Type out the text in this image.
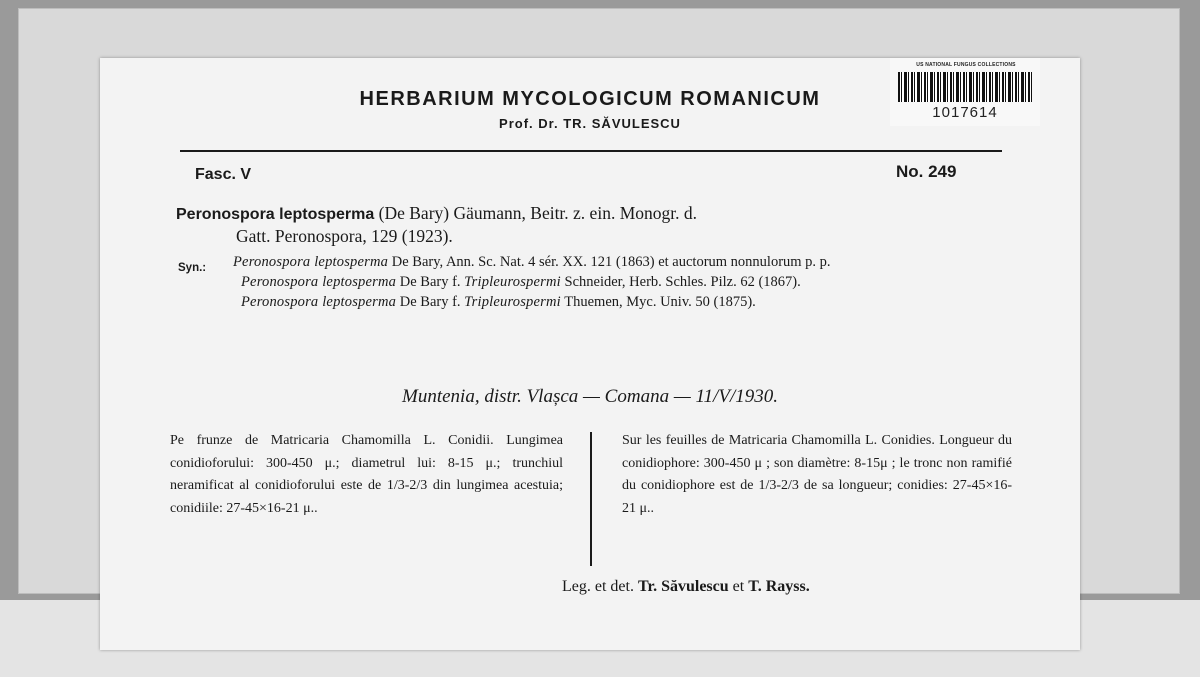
HERBARIUM MYCOLOGICUM ROMANICUM
Prof. Dr. TR. SĂVULESCU
US NATIONAL FUNGUS COLLECTIONS
1017614
Fasc. V	No. 249
Peronospora leptosperma (De Bary) Gäumann, Beitr. z. ein. Monogr. d.
Gatt. Peronospora, 129 (1923).
Syn.: Peronospora leptosperma De Bary, Ann. Sc. Nat. 4 sér. XX. 121 (1863) et auctorum nonnulorum p. p.

Peronospora leptosperma De Bary f. Tripleurospermi Schneider, Herb. Schles. Pilz. 62 (1867).

Peronospora leptosperma De Bary f. Tripleurospermi Thuemen, Myc. Univ. 50 (1875).

Muntenia, distr. Vlașca — Comana — 11/V/1930.
Pe frunze de Matricaria Chamomilla L. Conidii. Lungimea conidioforului: 300-450 μ.; diametrul lui: 8-15 μ.; trunchiul neramificat al conidioforului este de 1/3-2/3 din lungimea acestuia; conidiile: 27-45×16-21 μ..
Sur les feuilles de Matricaria Chamomilla L. Conidies. Longueur du conidiophore: 300-450 μ ; son diamètre: 8-15μ ; le tronc non ramifié du conidiophore est de 1/3-2/3 de sa longueur; conidies: 27-45×16-21 μ..
Leg. et det. Tr. Săvulescu et T. Rayss.
